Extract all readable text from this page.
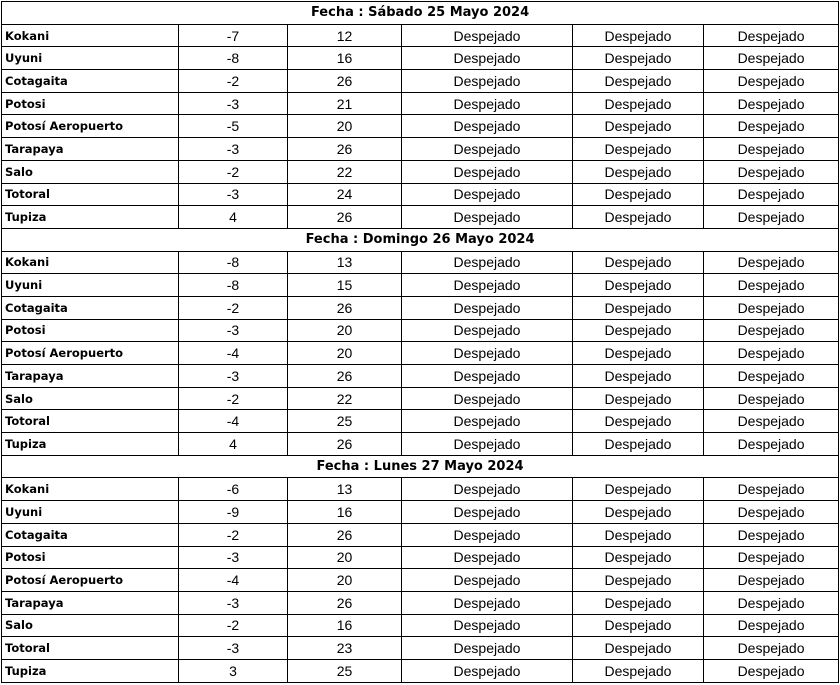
Fecha : Sábado 25 Mayo 2024					
Kokani	-7	12	Despejado	Despejado	Despejado
Uyuni	-8	16	Despejado	Despejado	Despejado
Cotagaita	-2	26	Despejado	Despejado	Despejado
Potosi	-3	21	Despejado	Despejado	Despejado
Potosí Aeropuerto	-5	20	Despejado	Despejado	Despejado
Tarapaya	-3	26	Despejado	Despejado	Despejado
Salo	-2	22	Despejado	Despejado	Despejado
Totoral	-3	24	Despejado	Despejado	Despejado
Tupiza	4	26	Despejado	Despejado	Despejado
Fecha : Domingo 26 Mayo 2024					
Kokani	-8	13	Despejado	Despejado	Despejado
Uyuni	-8	15	Despejado	Despejado	Despejado
Cotagaita	-2	26	Despejado	Despejado	Despejado
Potosi	-3	20	Despejado	Despejado	Despejado
Potosí Aeropuerto	-4	20	Despejado	Despejado	Despejado
Tarapaya	-3	26	Despejado	Despejado	Despejado
Salo	-2	22	Despejado	Despejado	Despejado
Totoral	-4	25	Despejado	Despejado	Despejado
Tupiza	4	26	Despejado	Despejado	Despejado
Fecha : Lunes 27 Mayo 2024					
Kokani	-6	13	Despejado	Despejado	Despejado
Uyuni	-9	16	Despejado	Despejado	Despejado
Cotagaita	-2	26	Despejado	Despejado	Despejado
Potosi	-3	20	Despejado	Despejado	Despejado
Potosí Aeropuerto	-4	20	Despejado	Despejado	Despejado
Tarapaya	-3	26	Despejado	Despejado	Despejado
Salo	-2	16	Despejado	Despejado	Despejado
Totoral	-3	23	Despejado	Despejado	Despejado
Tupiza	3	25	Despejado	Despejado	Despejado
